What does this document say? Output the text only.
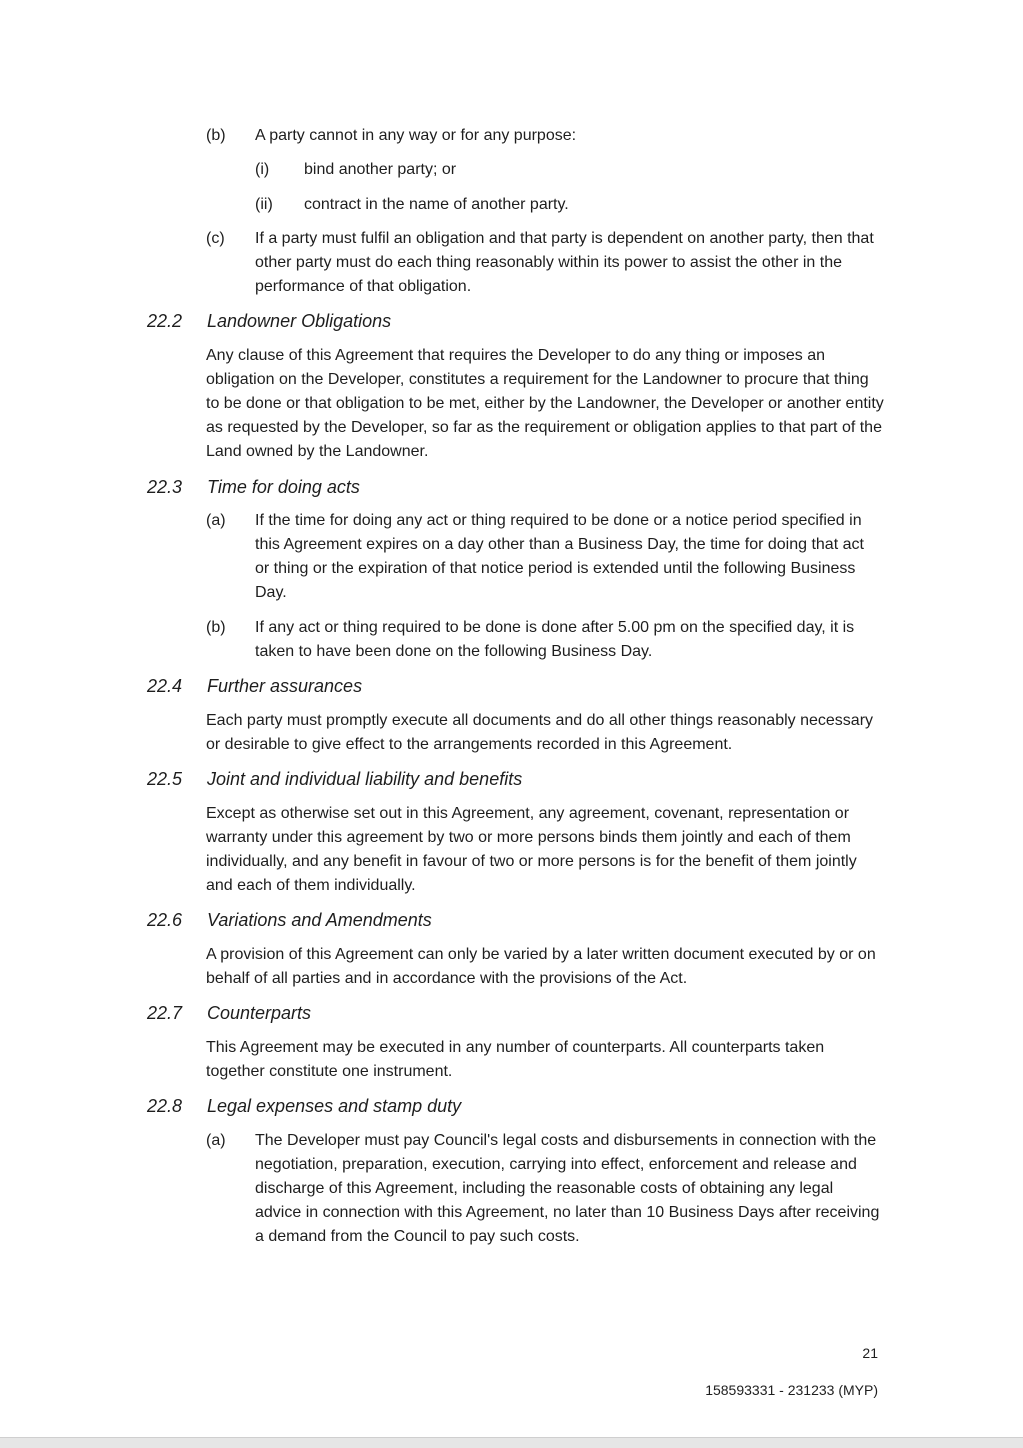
(b) A party cannot in any way or for any purpose:
(i) bind another party; or
(ii) contract in the name of another party.
(c) If a party must fulfil an obligation and that party is dependent on another party, then that other party must do each thing reasonably within its power to assist the other in the performance of that obligation.
22.2 Landowner Obligations
Any clause of this Agreement that requires the Developer to do any thing or imposes an obligation on the Developer, constitutes a requirement for the Landowner to procure that thing to be done or that obligation to be met, either by the Landowner, the Developer or another entity as requested by the Developer, so far as the requirement or obligation applies to that part of the Land owned by the Landowner.
22.3 Time for doing acts
(a) If the time for doing any act or thing required to be done or a notice period specified in this Agreement expires on a day other than a Business Day, the time for doing that act or thing or the expiration of that notice period is extended until the following Business Day.
(b) If any act or thing required to be done is done after 5.00 pm on the specified day, it is taken to have been done on the following Business Day.
22.4 Further assurances
Each party must promptly execute all documents and do all other things reasonably necessary or desirable to give effect to the arrangements recorded in this Agreement.
22.5 Joint and individual liability and benefits
Except as otherwise set out in this Agreement, any agreement, covenant, representation or warranty under this agreement by two or more persons binds them jointly and each of them individually, and any benefit in favour of two or more persons is for the benefit of them jointly and each of them individually.
22.6 Variations and Amendments
A provision of this Agreement can only be varied by a later written document executed by or on behalf of all parties and in accordance with the provisions of the Act.
22.7 Counterparts
This Agreement may be executed in any number of counterparts. All counterparts taken together constitute one instrument.
22.8 Legal expenses and stamp duty
(a) The Developer must pay Council's legal costs and disbursements in connection with the negotiation, preparation, execution, carrying into effect, enforcement and release and discharge of this Agreement, including the reasonable costs of obtaining any legal advice in connection with this Agreement, no later than 10 Business Days after receiving a demand from the Council to pay such costs.
21
158593331 - 231233 (MYP)
